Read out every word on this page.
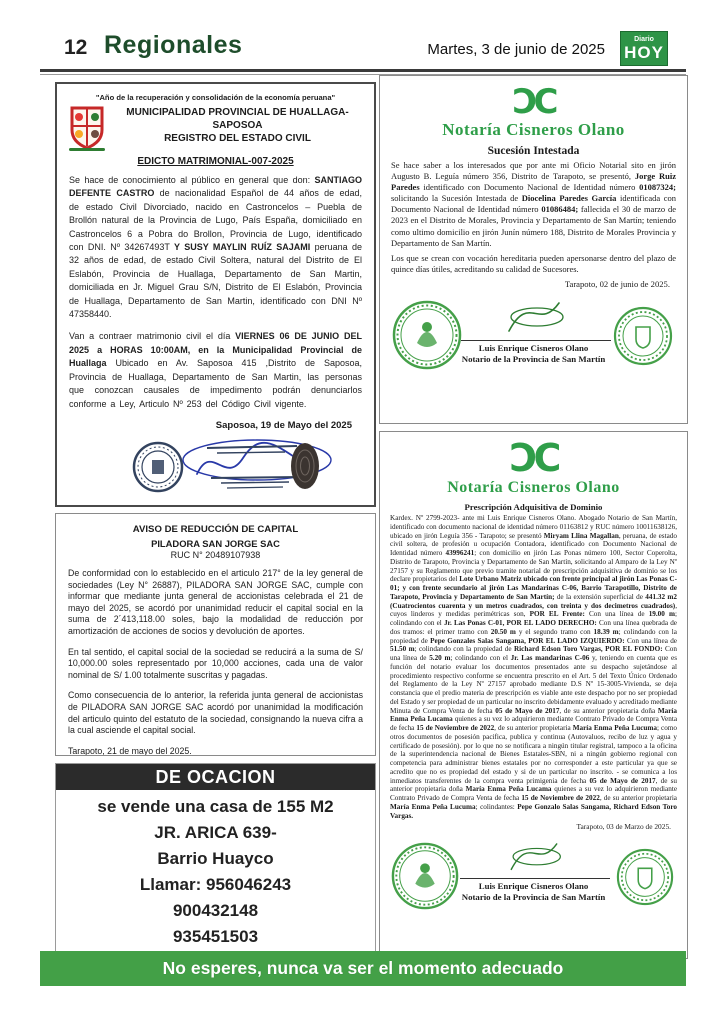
12 Regionales	Martes, 3 de junio de 2025
Diario
HOY

"Año de la recuperación y consolidación de la economía peruana"

MUNICIPALIDAD PROVINCIAL DE HUALLAGA-SAPOSOA

REGISTRO DEL ESTADO CIVIL

EDICTO MATRIMONIAL-007-2025

Se hace de conocimiento al público en general que don: SANTIAGO DEFENTE CASTRO de nacionalidad Español de 44 años de edad, de estado Civil Divorciado, nacido en Castroncelos – Puebla de Brollón natural de la Provincia de Lugo, País España, domiciliado en Castroncelos 6 a Pobra do Brollon, Provincia de Lugo, identificado con DNI. Nº 34267493T Y SUSY MAYLIN RUÍZ SAJAMI peruana de 32 años de edad, de estado Civil Soltera, natural del Distrito de El Eslabón, Provincia de Huallaga, Departamento de San Martin, domiciliada en Jr. Miguel Grau S/N, Distrito de El Eslabón, Provincia de Huallaga, Departamento de San Martin, identificado con DNI Nº 47358440.

Van a contraer matrimonio civil el día VIERNES 06 DE JUNIO DEL 2025 a HORAS 10:00AM, en la Municipalidad Provincial de Huallaga Ubicado en Av. Saposoa 415 ,Distrito de Saposoa, Provincia de Huallaga, Departamento de San Martin, las personas que conozcan causales de impedimento podrán denunciarlos conforme a Ley, Articulo Nº 253 del Código Civil vigente.

Saposoa, 19 de Mayo del 2025

AVISO DE REDUCCIÓN DE CAPITAL

PILADORA SAN JORGE SAC

RUC N° 20489107938

De conformidad con lo establecido en el articulo 217° de la ley general de sociedades (Ley N° 26887), PILADORA SAN JORGE SAC, cumple con informar que mediante junta general de accionistas celebrada el 21 de mayo del 2025, se acordó por unanimidad reducir el capital social en la suma de 2´413,118.00 soles, bajo la modalidad de reducción por amortización de acciones de socios y devolución de aportes.

En tal sentido, el capital social de la sociedad se reducirá a la suma de S/ 10,000.00 soles representado por 10,000 acciones, cada una de valor nominal de S/ 1.00 totalmente suscritas y pagadas.

Como consecuencia de lo anterior, la referida junta general de accionistas de PILADORA SAN JORGE SAC acordó por unanimidad la modificación del articulo quinto del estatuto de la sociedad, consignando la nueva cifra a la cual asciende el capital social.

Tarapoto, 21 de mayo del 2025.

DE OCACION

se vende una casa de 155 M2

JR. ARICA 639-

Barrio Huayco

Llamar: 956046243

900432148

935451503

ƆC
Notaría Cisneros Olano

Sucesión Intestada

Se hace saber a los interesados que por ante mi Oficio Notarial sito en jirón Augusto B. Leguía número 356, Distrito de Tarapoto, se presentó, Jorge Ruiz Paredes identificado con Documento Nacional de Identidad número 01087324; solicitando la Sucesión Intestada de Diocelina Paredes García identificada con Documento Nacional de Identidad número 01086484; fallecida el 30 de marzo de 2023 en el Distrito de Morales, Provincia y Departamento de San Martín; teniendo como ultimo domicilio en jirón Junín número 188, Distrito de Morales Provincia y Departamento de San Martín.

Los que se crean con vocación hereditaria pueden apersonarse dentro del plazo de quince días útiles, acreditando su calidad de Sucesores.

Tarapoto, 02 de junio de 2025.

Luis Enrique Cisneros Olano

Notario de la Provincia de San Martín

ƆC
Notaría Cisneros Olano

Prescripción Adquisitiva de Dominio

Kardex. Nº 2799-2023- ante mi Luis Enrique Cisneros Olano. Abogado Notario de San Martín, identificado con documento nacional de identidad número 01163812 y RUC número 10011638126, ubicado en jirón Leguía 356 - Tarapoto; se presentó Miryam Llina Magallan, peruana, de estado civil soltera, de profesión u ocupación Contadora, identificado con Documento Nacional de Identidad número 43996241; con domicilio en jirón Las Ponas número 100, Sector Coperolta, Distrito de Tarapoto, Provincia y Departamento de San Martín, solicitando al Amparo de la Ley Nº 27157 y su Reglamento que previo tramite notarial de prescripción adquisitiva de dominio se los declare propietarios del Lote Urbano Matriz ubicado con frente principal al jirón Las Ponas C-01; y con frente secundario al jirón Las Mandarinas C-06, Barrio Tarapotillo, Distrito de Tarapoto, Provincia y Departamento de San Martín; de la extensión superficial de 441.32 m2 (Cuatrocientos cuarenta y un metros cuadrados, con treinta y dos decimetros cuadrados), cuyos linderos y medidas perimétricas son, POR EL Frente: Con una línea de 19.00 m; colindando con el Jr. Las Ponas C-01, POR EL LADO DERECHO: Con una línea quebrada de dos tramos: el primer tramo con 20.50 m y el segundo tramo con 18.39 m; colindando con la propiedad de Pepe Gonzales Salas Sangama, POR EL LADO IZQUIERDO: Con una línea de 51.50 m; colindando con la propiedad de Richard Edson Toro Vargas, POR EL FONDO: Con una línea de 5.20 m; colindando con el Jr. Las mandarinas C-06 y, teniendo en cuenta que es función del notario evaluar los documentos presentados ante su despacho sujetándose al procedimiento respectivo conforme se encuentra prescrito en el Art. 5 del Texto Único Ordenado del Reglamento de la Ley Nº 27157 aprobado mediante D.S Nº 15-3005-Vivienda, se deja constancia que el predio materia de prescripción es viable ante este despacho por no ser propiedad del Estado y ser propiedad de un particular no inscrito debidamente evaluado y acreditado mediante Minuta de Compra Venta de fecha 05 de Mayo de 2017, de su anterior propietaria doña María Enma Peña Lucama quienes a su vez lo adquirieron mediante Contrato Privado de Compra Venta de fecha 15 de Noviembre de 2022, de su anterior propietaria María Enma Peña Lucuma; como otros documentos de posesión pacifica, publica y continua (Autovaluos, recibo de luz y agua y certificado de posesión). por lo que no se notificara a ningún titular registral, tampoco a la oficina de la superintendencia nacional de Bienes Estatales-SBN, ni a ningún gobierno regional con competencia para administrar bienes estatales por no corresponder a este particular ya que se acredito que no es propiedad del estado y si de un particular no inscrito. - se comunica a los inmediatos transferentes de la compra venta primigenia de fecha 05 de Mayo de 2017, de su anterior propietaria doña María Enma Peña Lucama quienes a su vez lo adquirieron mediante Contrato Privado de Compra Venta de fecha 15 de Noviembre de 2022, de su anterior propietaria María Enma Peña Lucuma; colindantes: Pepe Gonzalo Salas Sangama, Richard Edson Toro Vargas.

Tarapoto, 03 de Marzo de 2025.

Luis Enrique Cisneros Olano

Notario de la Provincia de San Martín

No esperes, nunca va ser el momento adecuado
